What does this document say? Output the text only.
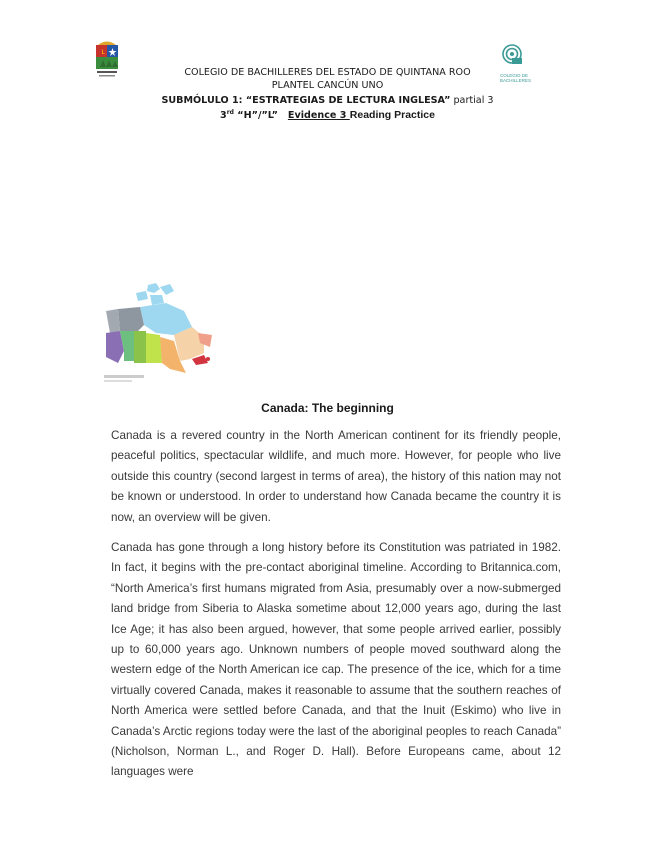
L
COLEGIO DE
BACHILLERES
COLEGIO DE BACHILLERES DEL ESTADO DE QUINTANA ROO
PLANTEL CANCÚN UNO
SUBMÓLULO 1: “ESTRATEGIAS DE LECTURA INGLESA” partial 3
3rd “H”/”L”   Evidence 3 Reading Practice
Canada: The beginning

Canada is a revered country in the North American continent for its friendly people, peaceful politics, spectacular wildlife, and much more. However, for people who live outside this country (second largest in terms of area), the history of this nation may not be known or understood. In order to understand how Canada became the country it is now, an overview will be given.

Canada has gone through a long history before its Constitution was patriated in 1982. In fact, it begins with the pre-contact aboriginal timeline. According to Britannica.com, “North America’s first humans migrated from Asia, presumably over a now-submerged land bridge from Siberia to Alaska sometime about 12,000 years ago, during the last Ice Age; it has also been argued, however, that some people arrived earlier, possibly up to 60,000 years ago. Unknown numbers of people moved southward along the western edge of the North American ice cap. The presence of the ice, which for a time virtually covered Canada, makes it reasonable to assume that the southern reaches of North America were settled before Canada, and that the Inuit (Eskimo) who live in Canada’s Arctic regions today were the last of the aboriginal peoples to reach Canada” (Nicholson, Norman L., and Roger D. Hall). Before Europeans came, about 12 languages were
